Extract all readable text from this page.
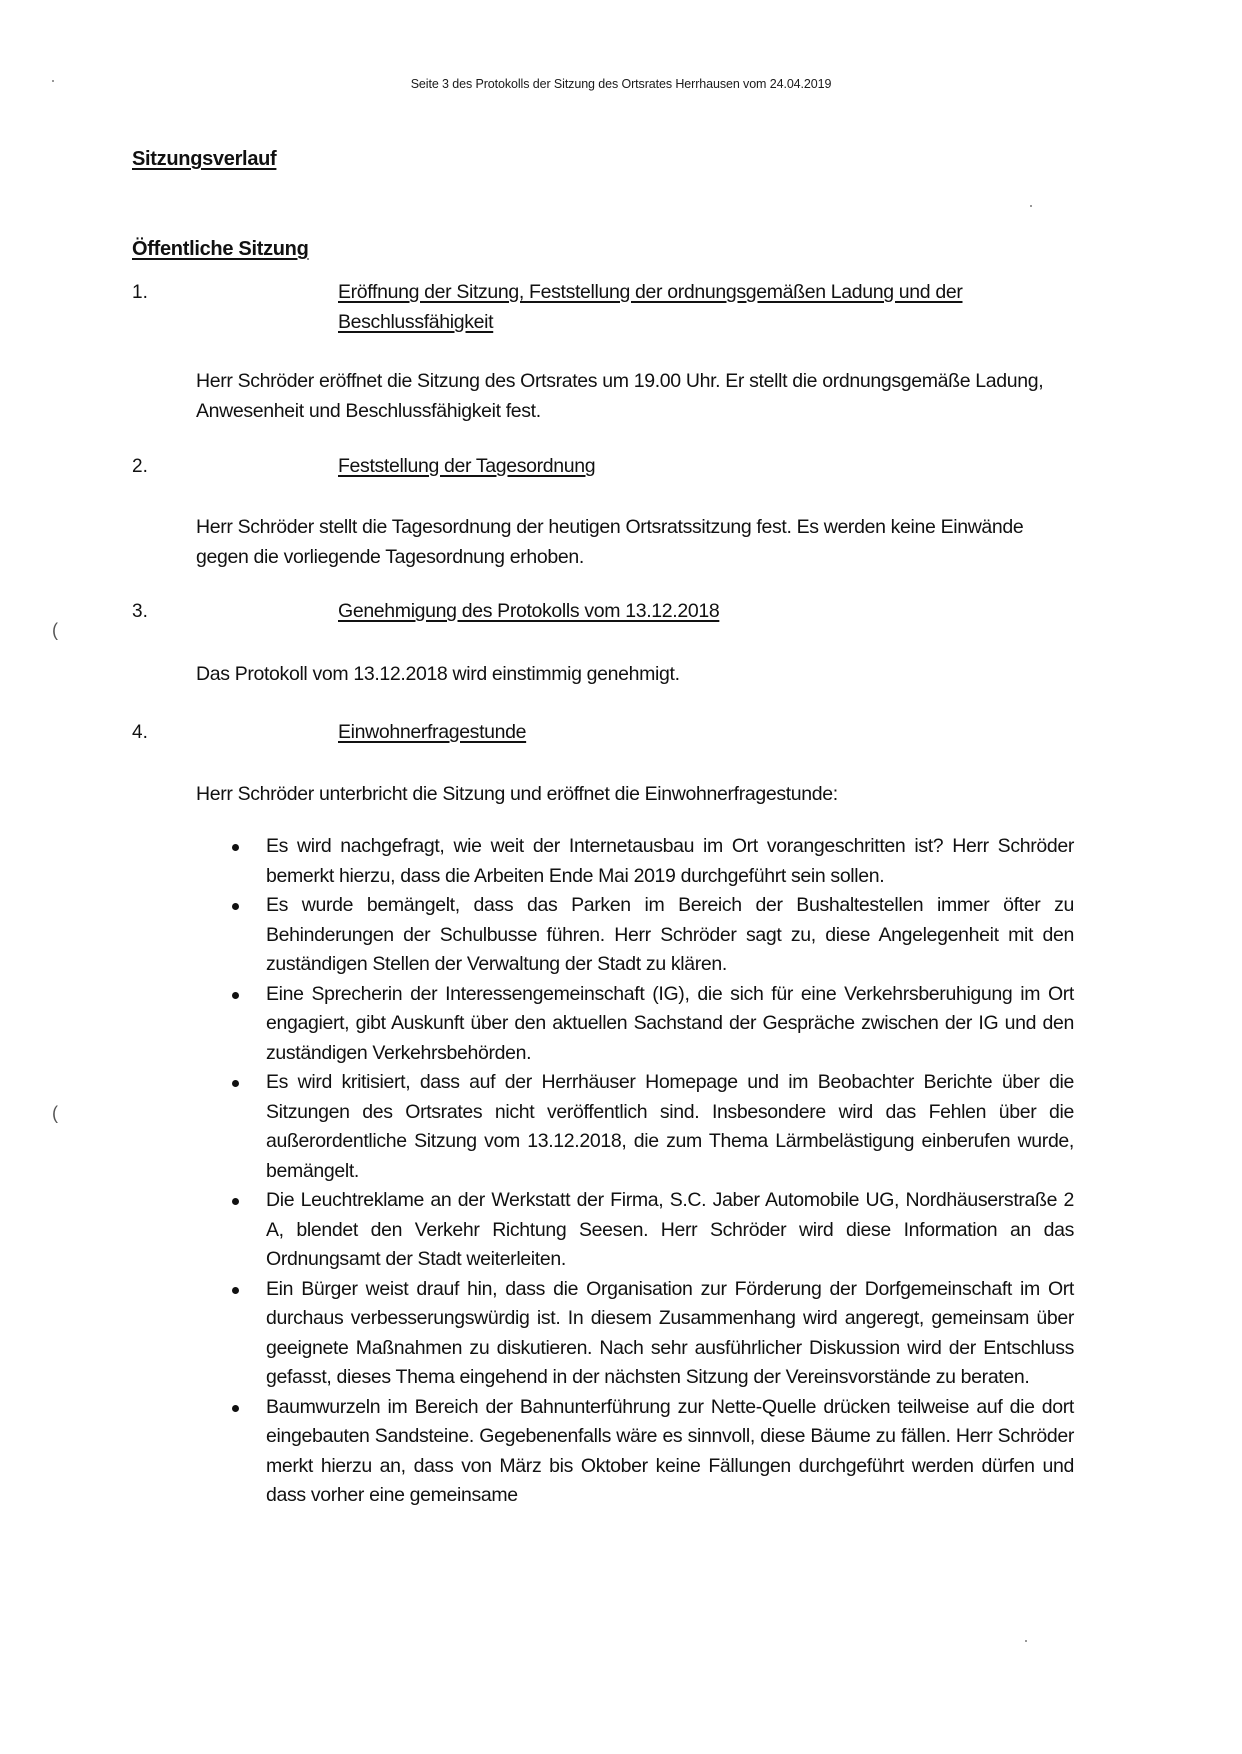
Seite 3 des Protokolls der Sitzung des Ortsrates Herrhausen vom 24.04.2019
Sitzungsverlauf
Öffentliche Sitzung
1.	Eröffnung der Sitzung, Feststellung der ordnungsgemäßen Ladung und der Beschlussfähigkeit
Herr Schröder eröffnet die Sitzung des Ortsrates um 19.00 Uhr. Er stellt die ordnungsgemäße Ladung, Anwesenheit und Beschlussfähigkeit fest.
2.	Feststellung der Tagesordnung
Herr Schröder stellt die Tagesordnung der heutigen Ortsratssitzung fest. Es werden keine Einwände gegen die vorliegende Tagesordnung erhoben.
3.	Genehmigung des Protokolls vom 13.12.2018
Das Protokoll vom 13.12.2018 wird einstimmig genehmigt.
4.	Einwohnerfragestunde
Herr Schröder unterbricht die Sitzung und eröffnet die Einwohnerfragestunde:
Es wird nachgefragt, wie weit der Internetausbau im Ort vorangeschritten ist? Herr Schröder bemerkt hierzu, dass die Arbeiten Ende Mai 2019 durchgeführt sein sollen.
Es wurde bemängelt, dass das Parken im Bereich der Bushaltestellen immer öfter zu Behinderungen der Schulbusse führen. Herr Schröder sagt zu, diese Angelegenheit mit den zuständigen Stellen der Verwaltung der Stadt zu klären.
Eine Sprecherin der Interessengemeinschaft (IG), die sich für eine Verkehrsberuhigung im Ort engagiert, gibt Auskunft über den aktuellen Sachstand der Gespräche zwischen der IG und den zuständigen Verkehrsbehörden.
Es wird kritisiert, dass auf der Herrhäuser Homepage und im Beobachter Berichte über die Sitzungen des Ortsrates nicht veröffentlich sind. Insbesondere wird das Fehlen über die außerordentliche Sitzung vom 13.12.2018, die zum Thema Lärmbelästigung einberufen wurde, bemängelt.
Die Leuchtreklame an der Werkstatt der Firma, S.C. Jaber Automobile UG, Nordhäuserstraße 2 A, blendet den Verkehr Richtung Seesen. Herr Schröder wird diese Information an das Ordnungsamt der Stadt weiterleiten.
Ein Bürger weist drauf hin, dass die Organisation zur Förderung der Dorfgemeinschaft im Ort durchaus verbesserungswürdig ist. In diesem Zusammenhang wird angeregt, gemeinsam über geeignete Maßnahmen zu diskutieren. Nach sehr ausführlicher Diskussion wird der Entschluss gefasst, dieses Thema eingehend in der nächsten Sitzung der Vereinsvorstände zu beraten.
Baumwurzeln im Bereich der Bahnunterführung zur Nette-Quelle drücken teilweise auf die dort eingebauten Sandsteine. Gegebenenfalls wäre es sinnvoll, diese Bäume zu fällen. Herr Schröder merkt hierzu an, dass von März bis Oktober keine Fällungen durchgeführt werden dürfen und dass vorher eine gemeinsame
(
(
